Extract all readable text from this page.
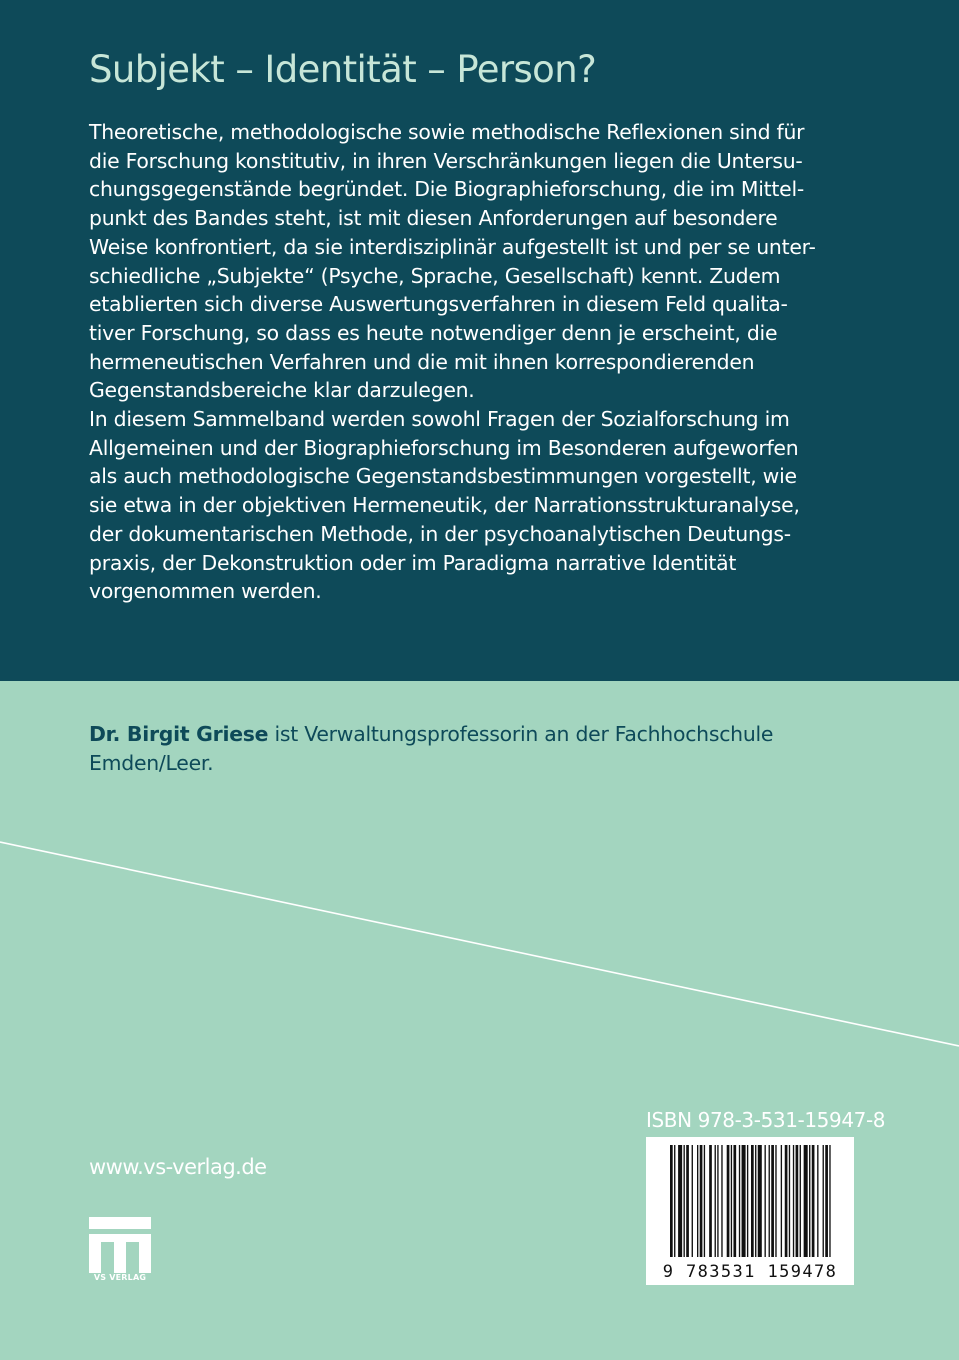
Subjekt – Identität – Person?
Theoretische, methodologische sowie methodische Reflexionen sind für
die Forschung konstitutiv, in ihren Verschränkungen liegen die Untersu-
chungsgegenstände begründet. Die Biographieforschung, die im Mittel-
punkt des Bandes steht, ist mit diesen Anforderungen auf besondere
Weise konfrontiert, da sie interdisziplinär aufgestellt ist und per se unter-
schiedliche „Subjekte“ (Psyche, Sprache, Gesellschaft) kennt. Zudem
etablierten sich diverse Auswertungsverfahren in diesem Feld qualita-
tiver Forschung, so dass es heute notwendiger denn je erscheint, die
hermeneutischen Verfahren und die mit ihnen korrespondierenden
Gegenstandsbereiche klar darzulegen.
In diesem Sammelband werden sowohl Fragen der Sozialforschung im
Allgemeinen und der Biographieforschung im Besonderen aufgeworfen
als auch methodologische Gegenstandsbestimmungen vorgestellt, wie
sie etwa in der objektiven Hermeneutik, der Narrationsstrukturanalyse,
der dokumentarischen Methode, in der psychoanalytischen Deutungs-
praxis, der Dekonstruktion oder im Paradigma narrative Identität
vorgenommen werden.
Dr. Birgit Griese ist Verwaltungsprofessorin an der Fachhochschule
Emden/Leer.

ISBN 978-3-531-15947-8

9 783531 159478

www.vs-verlag.de

VS VERLAG
